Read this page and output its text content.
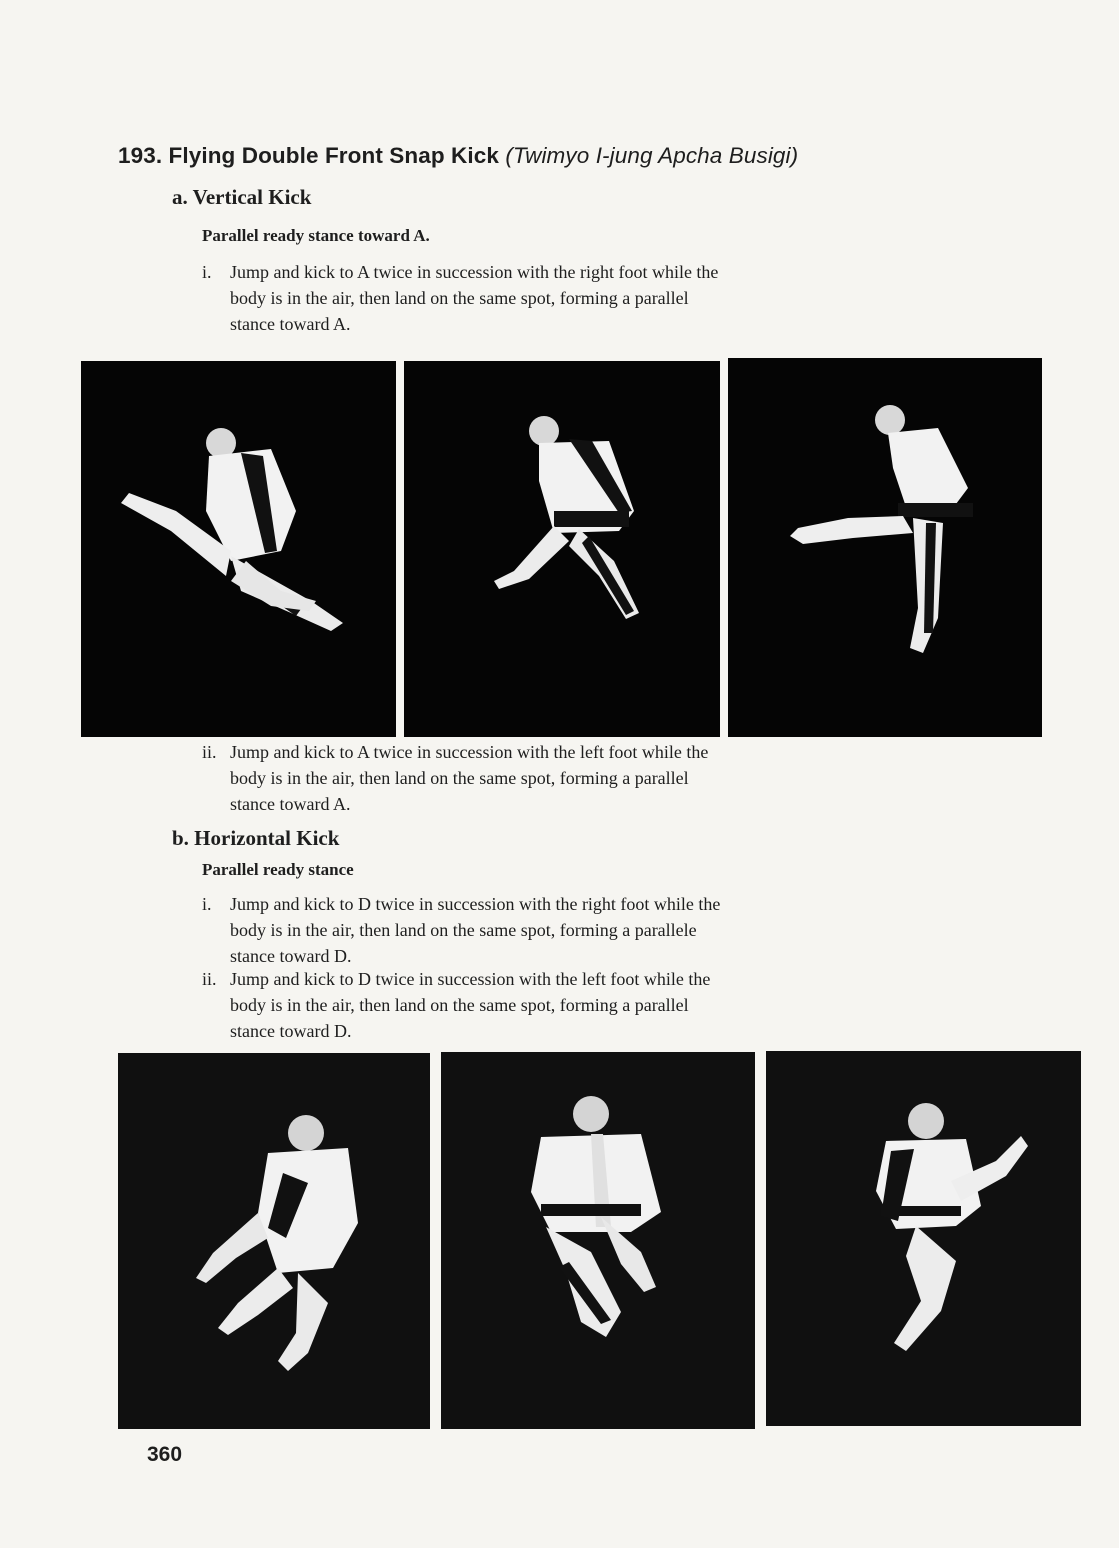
193. Flying Double Front Snap Kick (Twimyo I-jung Apcha Busigi)
a. Vertical Kick
Parallel ready stance toward A.
i. Jump and kick to A twice in succession with the right foot while the
body is in the air, then land on the same spot, forming a parallel
stance toward A.
ii. Jump and kick to A twice in succession with the left foot while the
body is in the air, then land on the same spot, forming a parallel
stance toward A.
b. Horizontal Kick
Parallel ready stance
i. Jump and kick to D twice in succession with the right foot while the
body is in the air, then land on the same spot, forming a parallele
stance toward D.
ii. Jump and kick to D twice in succession with the left foot while the
body is in the air, then land on the same spot, forming a parallel
stance toward D.
360
